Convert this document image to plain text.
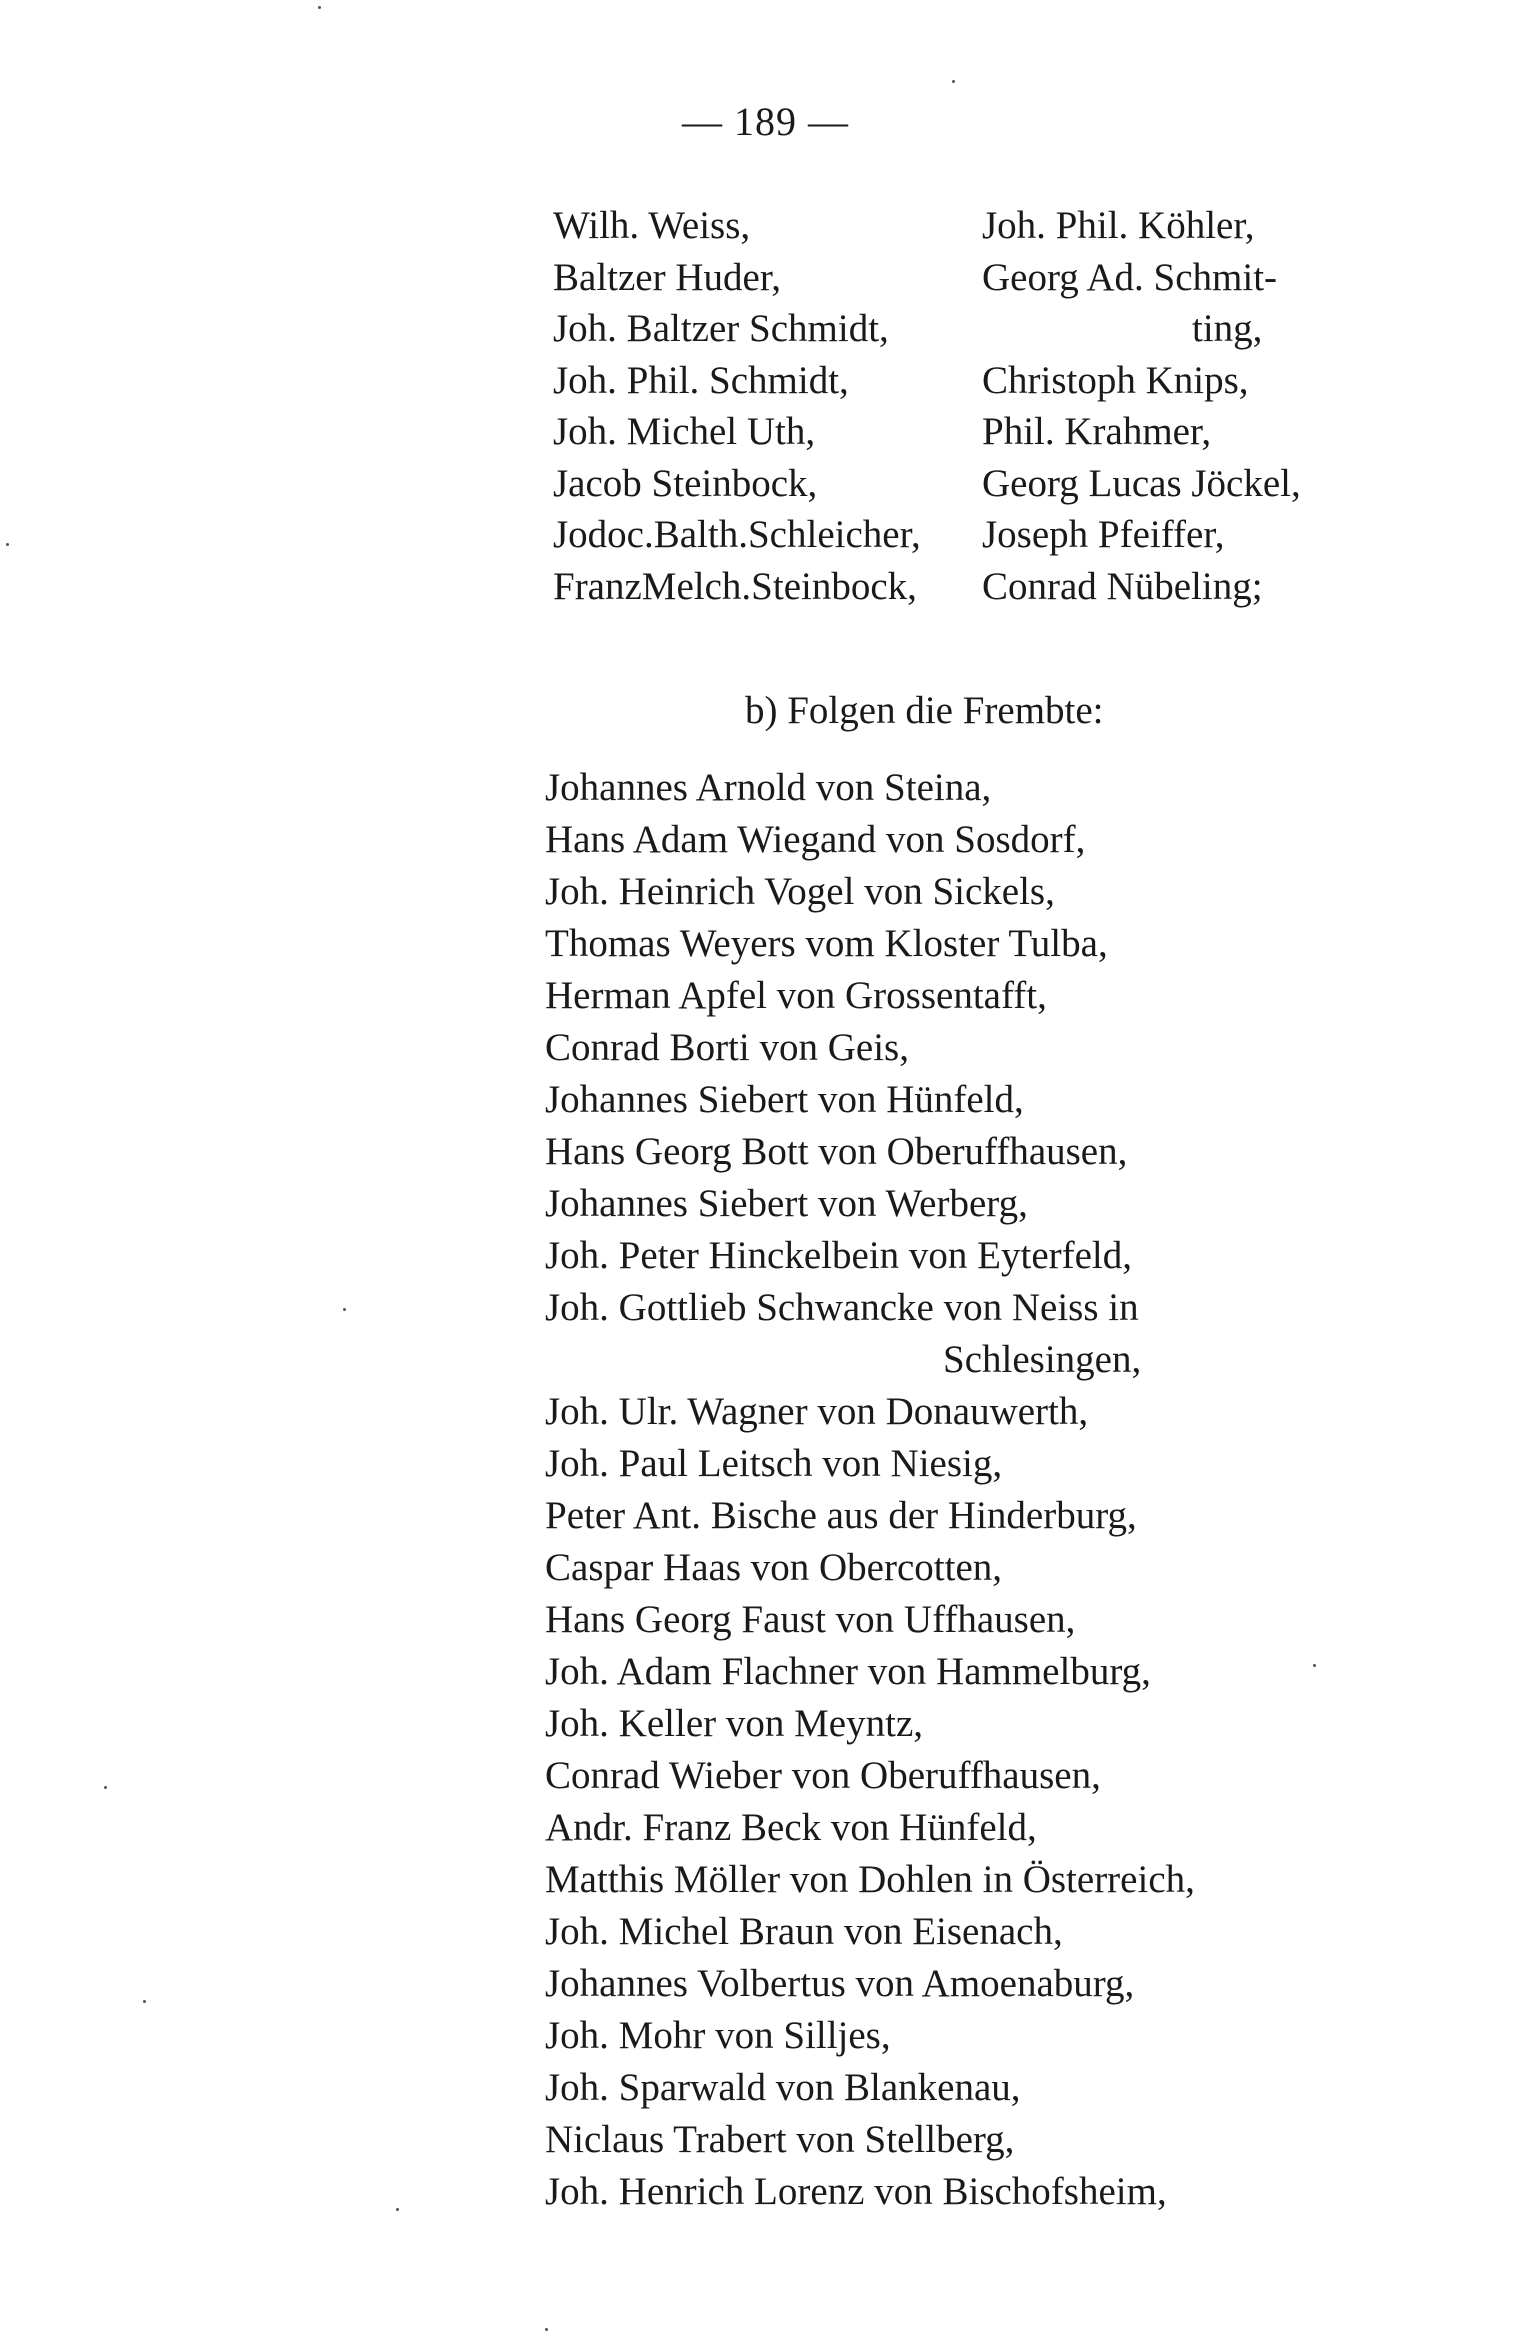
— 189 —
Wilh. Weiss,
Baltzer Huder,
Joh. Baltzer Schmidt,
Joh. Phil. Schmidt,
Joh. Michel Uth,
Jacob Steinbock,
Jodoc.Balth.Schleicher,
FranzMelch.Steinbock,
Joh. Phil. Köhler,
Georg Ad. Schmit-
ting,
Christoph Knips,
Phil. Krahmer,
Georg Lucas Jöckel,
Joseph Pfeiffer,
Conrad Nübeling;
b) Folgen die Frembte:
Johannes Arnold von Steina,
Hans Adam Wiegand von Sosdorf,
Joh. Heinrich Vogel von Sickels,
Thomas Weyers vom Kloster Tulba,
Herman Apfel von Grossentafft,
Conrad Borti von Geis,
Johannes Siebert von Hünfeld,
Hans Georg Bott von Oberuffhausen,
Johannes Siebert von Werberg,
Joh. Peter Hinckelbein von Eyterfeld,
Joh. Gottlieb Schwancke von Neiss in
Schlesingen,
Joh. Ulr. Wagner von Donauwerth,
Joh. Paul Leitsch von Niesig,
Peter Ant. Bische aus der Hinderburg,
Caspar Haas von Obercotten,
Hans Georg Faust von Uffhausen,
Joh. Adam Flachner von Hammelburg,
Joh. Keller von Meyntz,
Conrad Wieber von Oberuffhausen,
Andr. Franz Beck von Hünfeld,
Matthis Möller von Dohlen in Österreich,
Joh. Michel Braun von Eisenach,
Johannes Volbertus von Amoenaburg,
Joh. Mohr von Silljes,
Joh. Sparwald von Blankenau,
Niclaus Trabert von Stellberg,
Joh. Henrich Lorenz von Bischofsheim,
